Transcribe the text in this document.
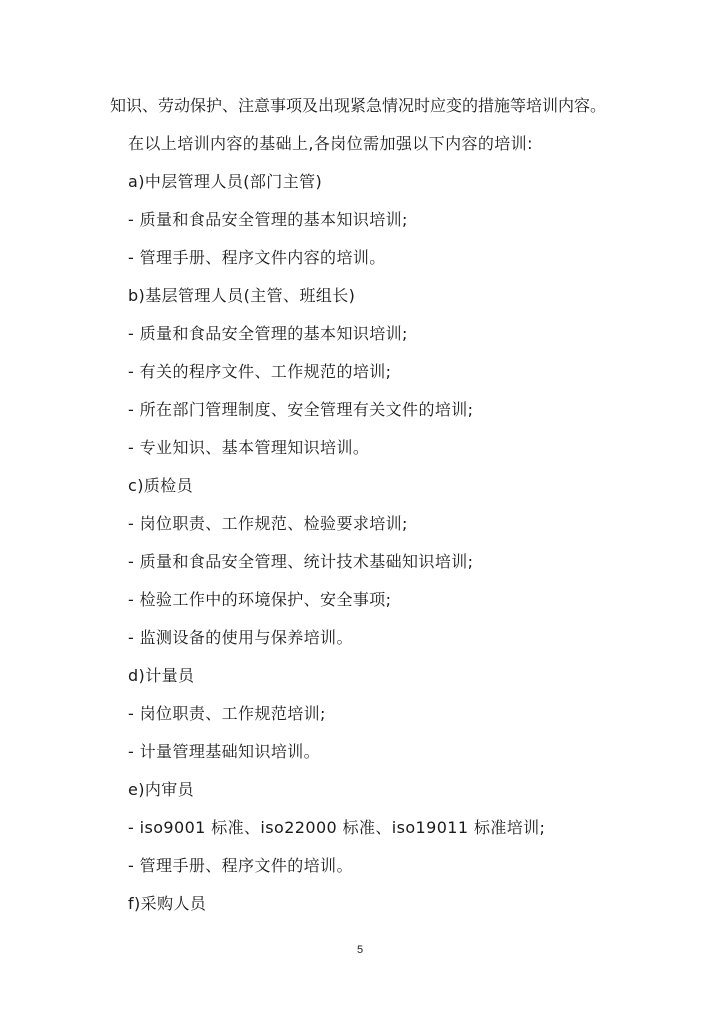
知识、劳动保护、注意事项及出现紧急情况时应变的措施等培训内容。
在以上培训内容的基础上,各岗位需加强以下内容的培训:
a)中层管理人员(部门主管)
- 质量和食品安全管理的基本知识培训;
- 管理手册、程序文件内容的培训。
b)基层管理人员(主管、班组长)
- 质量和食品安全管理的基本知识培训;
- 有关的程序文件、工作规范的培训;
- 所在部门管理制度、安全管理有关文件的培训;
- 专业知识、基本管理知识培训。
c)质检员
- 岗位职责、工作规范、检验要求培训;
- 质量和食品安全管理、统计技术基础知识培训;
- 检验工作中的环境保护、安全事项;
- 监测设备的使用与保养培训。
d)计量员
- 岗位职责、工作规范培训;
- 计量管理基础知识培训。
e)内审员
- iso9001 标准、iso22000 标准、iso19011 标准培训;
- 管理手册、程序文件的培训。
f)采购人员
5
